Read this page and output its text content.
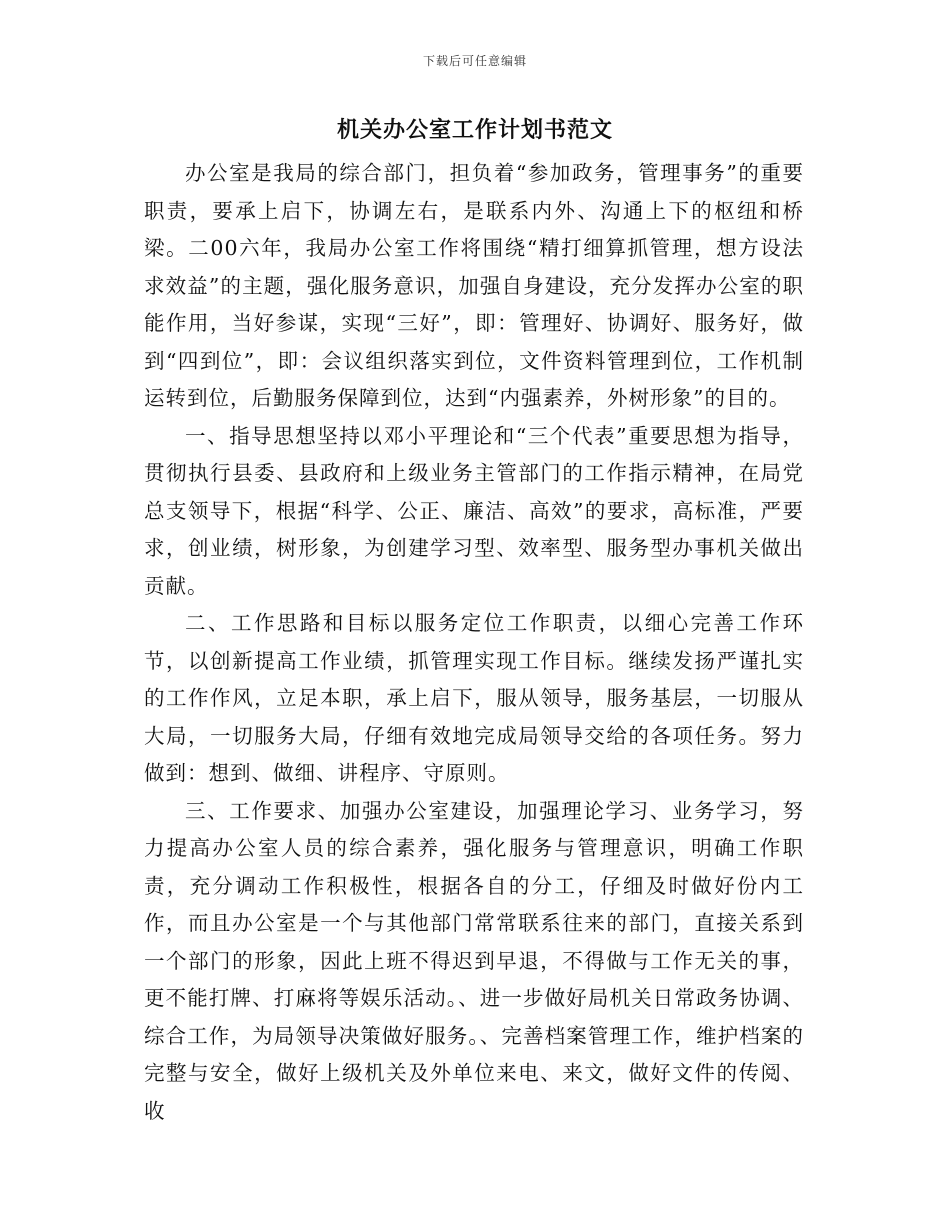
下载后可任意编辑
机关办公室工作计划书范文

办公室是我局的综合部门，担负着“参加政务，管理事务”的重要职责，要承上启下，协调左右，是联系内外、沟通上下的枢纽和桥梁。二00六年，我局办公室工作将围绕“精打细算抓管理，想方设法求效益”的主题，强化服务意识，加强自身建设，充分发挥办公室的职能作用，当好参谋，实现“三好”，即：管理好、协调好、服务好，做到“四到位”，即：会议组织落实到位，文件资料管理到位，工作机制运转到位，后勤服务保障到位，达到“内强素养，外树形象”的目的。

一、指导思想坚持以邓小平理论和“三个代表”重要思想为指导，贯彻执行县委、县政府和上级业务主管部门的工作指示精神，在局党总支领导下，根据“科学、公正、廉洁、高效”的要求，高标准，严要求，创业绩，树形象，为创建学习型、效率型、服务型办事机关做出贡献。

二、工作思路和目标以服务定位工作职责，以细心完善工作环节，以创新提高工作业绩，抓管理实现工作目标。继续发扬严谨扎实的工作作风，立足本职，承上启下，服从领导，服务基层，一切服从大局，一切服务大局，仔细有效地完成局领导交给的各项任务。努力做到：想到、做细、讲程序、守原则。

三、工作要求、加强办公室建设，加强理论学习、业务学习，努力提高办公室人员的综合素养，强化服务与管理意识，明确工作职责，充分调动工作积极性，根据各自的分工，仔细及时做好份内工作，而且办公室是一个与其他部门常常联系往来的部门，直接关系到一个部门的形象，因此上班不得迟到早退，不得做与工作无关的事，更不能打牌、打麻将等娱乐活动。、进一步做好局机关日常政务协调、综合工作，为局领导决策做好服务。、完善档案管理工作，维护档案的完整与安全，做好上级机关及外单位来电、来文，做好文件的传阅、收
